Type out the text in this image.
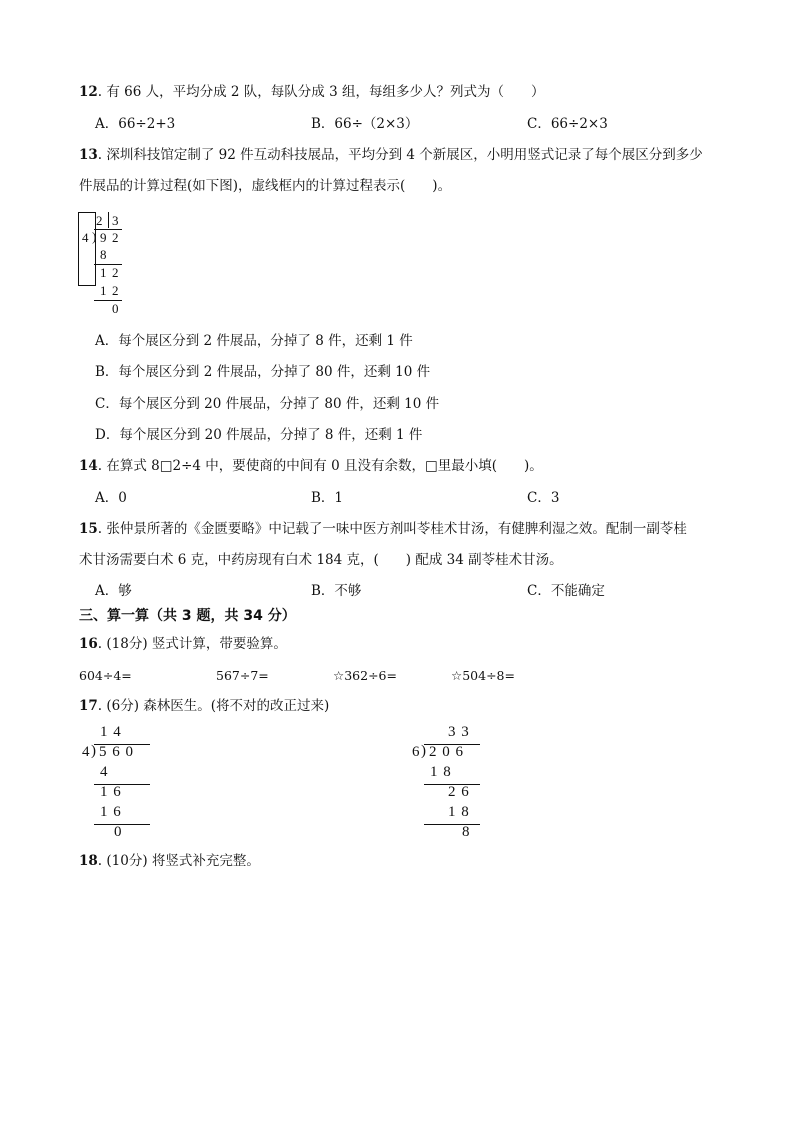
12. 有 66 人，平均分成 2 队，每队分成 3 组，每组多少人？列式为（　　）
A．66÷2+3	B．66÷（2×3）	C．66÷2×3
13. 深圳科技馆定制了 92 件互动科技展品，平均分到 4 个新展区，小明用竖式记录了每个展区分到多少
件展品的计算过程(如下图)，虚线框内的计算过程表示(　　)。
2 3
4 ) 9 2
8
1 2
1 2
0
A．每个展区分到 2 件展品，分掉了 8 件，还剩 1 件
B．每个展区分到 2 件展品，分掉了 80 件，还剩 10 件
C．每个展区分到 20 件展品，分掉了 80 件，还剩 10 件
D．每个展区分到 20 件展品，分掉了 8 件，还剩 1 件
14. 在算式 8□2÷4 中，要使商的中间有 0 且没有余数，□里最小填(　　)。
A．0	B．1	C．3
15. 张仲景所著的《金匮要略》中记载了一味中医方剂叫苓桂术甘汤，有健脾利湿之效。配制一副苓桂
术甘汤需要白术 6 克，中药房现有白术 184 克，(　　) 配成 34 副苓桂术甘汤。
A．够	B．不够	C．不能确定
三、算一算（共 3 题，共 34 分）
16. (18分) 竖式计算，带要验算。
604÷4=	567÷7=	☆362÷6=	☆504÷8=
17. (6分) 森林医生。(将不对的改正过来)
1 4
4 ) 5 6 0
4
1 6
1 6
0
3 3
6 ) 2 0 6
1 8
2 6
1 8
8
18. (10分) 将竖式补充完整。
